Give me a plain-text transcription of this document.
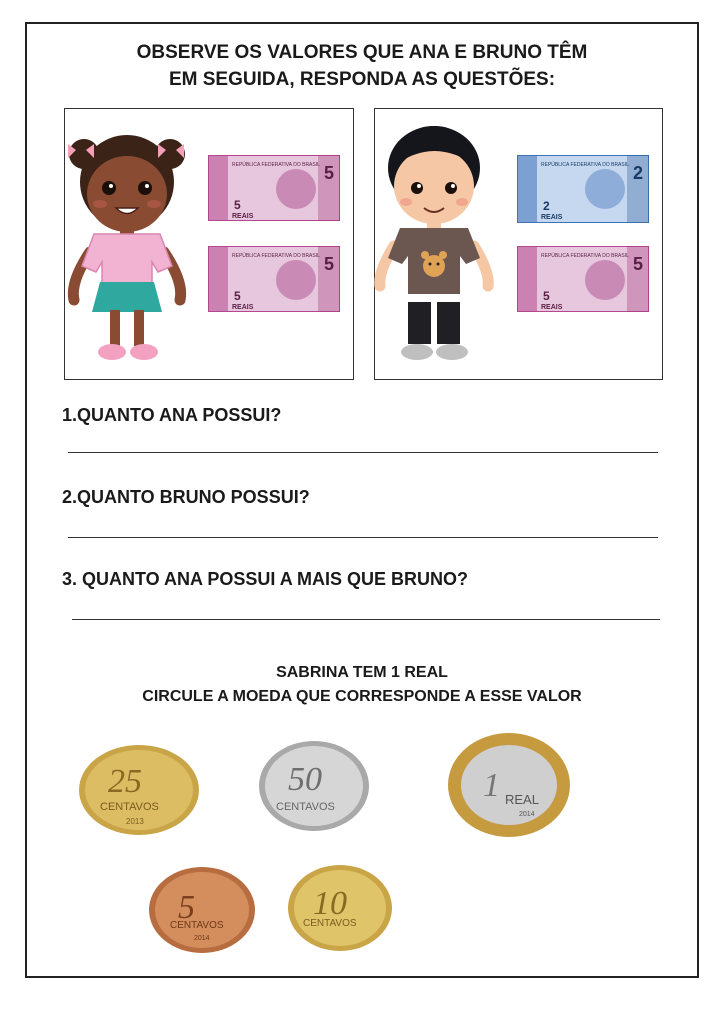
OBSERVE OS VALORES QUE ANA E BRUNO TÊM
EM SEGUIDA, RESPONDA AS QUESTÕES:
REPÚBLICA FEDERATIVA DO BRASIL 5
5
REAIS
REPÚBLICA FEDERATIVA DO BRASIL 5
5
REAIS
REPÚBLICA FEDERATIVA DO BRASIL 2
2
REAIS
REPÚBLICA FEDERATIVA DO BRASIL 5
5
REAIS
1.QUANTO ANA POSSUI?
2.QUANTO BRUNO POSSUI?
3. QUANTO ANA POSSUI A MAIS QUE BRUNO?
SABRINA TEM 1 REAL
CIRCULE A MOEDA QUE CORRESPONDE A ESSE VALOR
25
CENTAVOS
2013
50
CENTAVOS
1 REAL
2014
5
CENTAVOS
2014
10
CENTAVOS
